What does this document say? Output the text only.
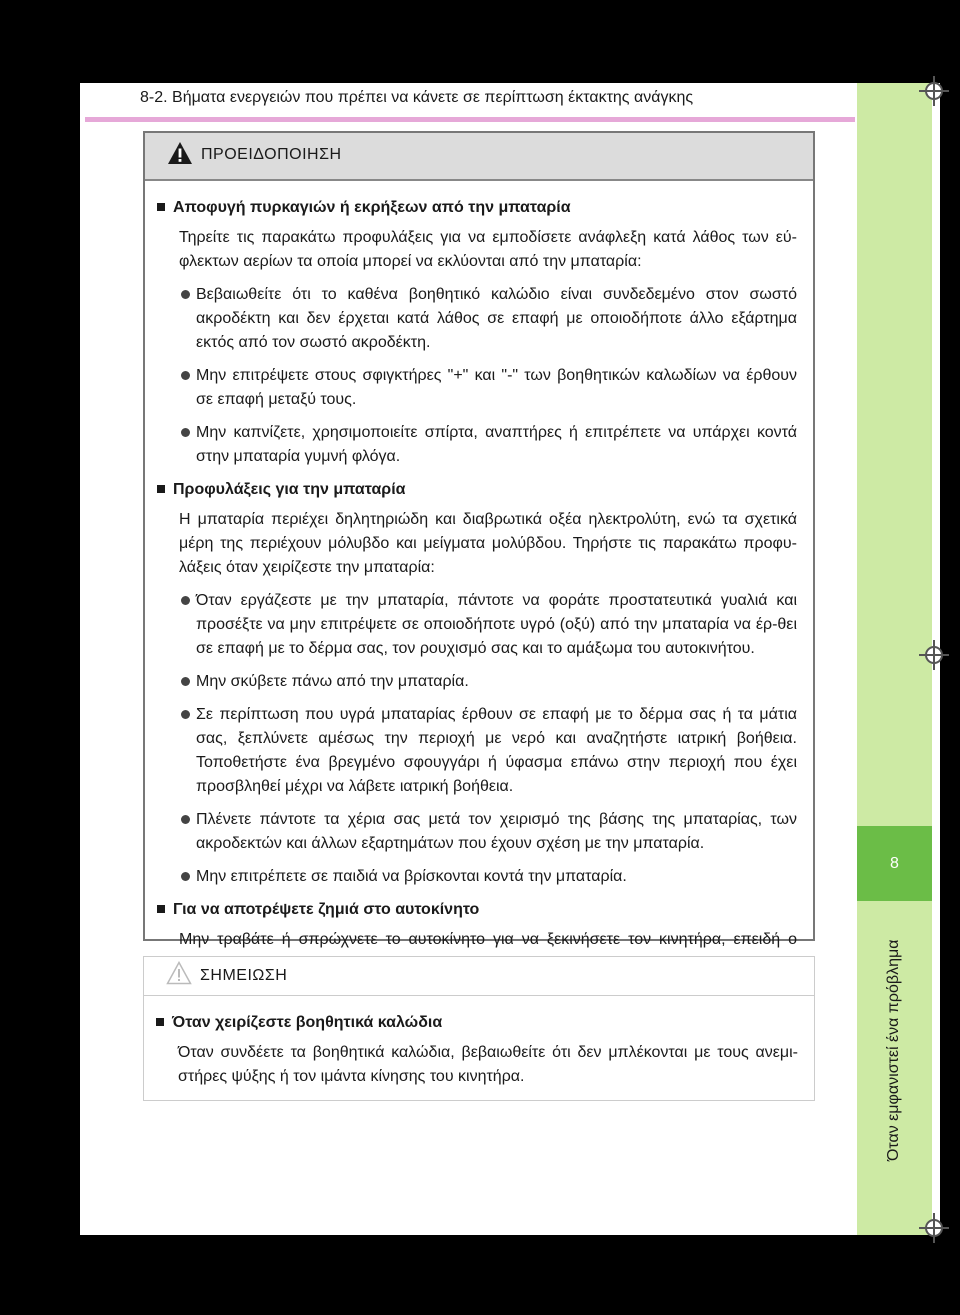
8-2. Βήματα ενεργειών που πρέπει να κάνετε σε περίπτωση έκτακτης ανάγκης
8
Όταν εμφανιστεί ένα πρόβλημα
ΠΡΟΕΙΔΟΠΟΙΗΣΗ
Αποφυγή πυρκαγιών ή εκρήξεων από την μπαταρία
Τηρείτε τις παρακάτω προφυλάξεις για να εμποδίσετε ανάφλεξη κατά λάθος των εύ-φλεκτων αερίων τα οποία μπορεί να εκλύονται από την μπαταρία:
Βεβαιωθείτε ότι το καθένα βοηθητικό καλώδιο είναι συνδεδεμένο στον σωστό ακροδέκτη και δεν έρχεται κατά λάθος σε επαφή με οποιοδήποτε άλλο εξάρτημα εκτός από τον σωστό ακροδέκτη.
Μην επιτρέψετε στους σφιγκτήρες "+" και "-" των βοηθητικών καλωδίων να έρθουν σε επαφή μεταξύ τους.
Μην καπνίζετε, χρησιμοποιείτε σπίρτα, αναπτήρες ή επιτρέπετε να υπάρχει κοντά στην μπαταρία γυμνή φλόγα.
Προφυλάξεις για την μπαταρία
Η μπαταρία περιέχει δηλητηριώδη και διαβρωτικά οξέα ηλεκτρολύτη, ενώ τα σχετικά μέρη της περιέχουν μόλυβδο και μείγματα μολύβδου. Τηρήστε τις παρακάτω προφυ-λάξεις όταν χειρίζεστε την μπαταρία:
Όταν εργάζεστε με την μπαταρία, πάντοτε να φοράτε προστατευτικά γυαλιά και προσέξτε να μην επιτρέψετε σε οποιοδήποτε υγρό (οξύ) από την μπαταρία να έρ-θει σε επαφή με το δέρμα σας, τον ρουχισμό σας και το αμάξωμα του αυτοκινήτου.
Μην σκύβετε πάνω από την μπαταρία.
Σε περίπτωση που υγρά μπαταρίας έρθουν σε επαφή με το δέρμα σας ή τα μάτια σας, ξεπλύνετε αμέσως την περιοχή με νερό και αναζητήστε ιατρική βοήθεια. Τοποθετήστε ένα βρεγμένο σφουγγάρι ή ύφασμα επάνω στην περιοχή που έχει προσβληθεί μέχρι να λάβετε ιατρική βοήθεια.
Πλένετε πάντοτε τα χέρια σας μετά τον χειρισμό της βάσης της μπαταρίας, των ακροδεκτών και άλλων εξαρτημάτων που έχουν σχέση με την μπαταρία.
Μην επιτρέπετε σε παιδιά να βρίσκονται κοντά την μπαταρία.
Για να αποτρέψετε ζημιά στο αυτοκίνητο
Μην τραβάτε ή σπρώχνετε το αυτοκίνητο για να ξεκινήσετε τον κινητήρα, επειδή ο
ΣΗΜΕΙΩΣΗ
Όταν χειρίζεστε βοηθητικά καλώδια
Όταν συνδέετε τα βοηθητικά καλώδια, βεβαιωθείτε ότι δεν μπλέκονται με τους ανεμι-στήρες ψύξης ή τον ιμάντα κίνησης του κινητήρα.
